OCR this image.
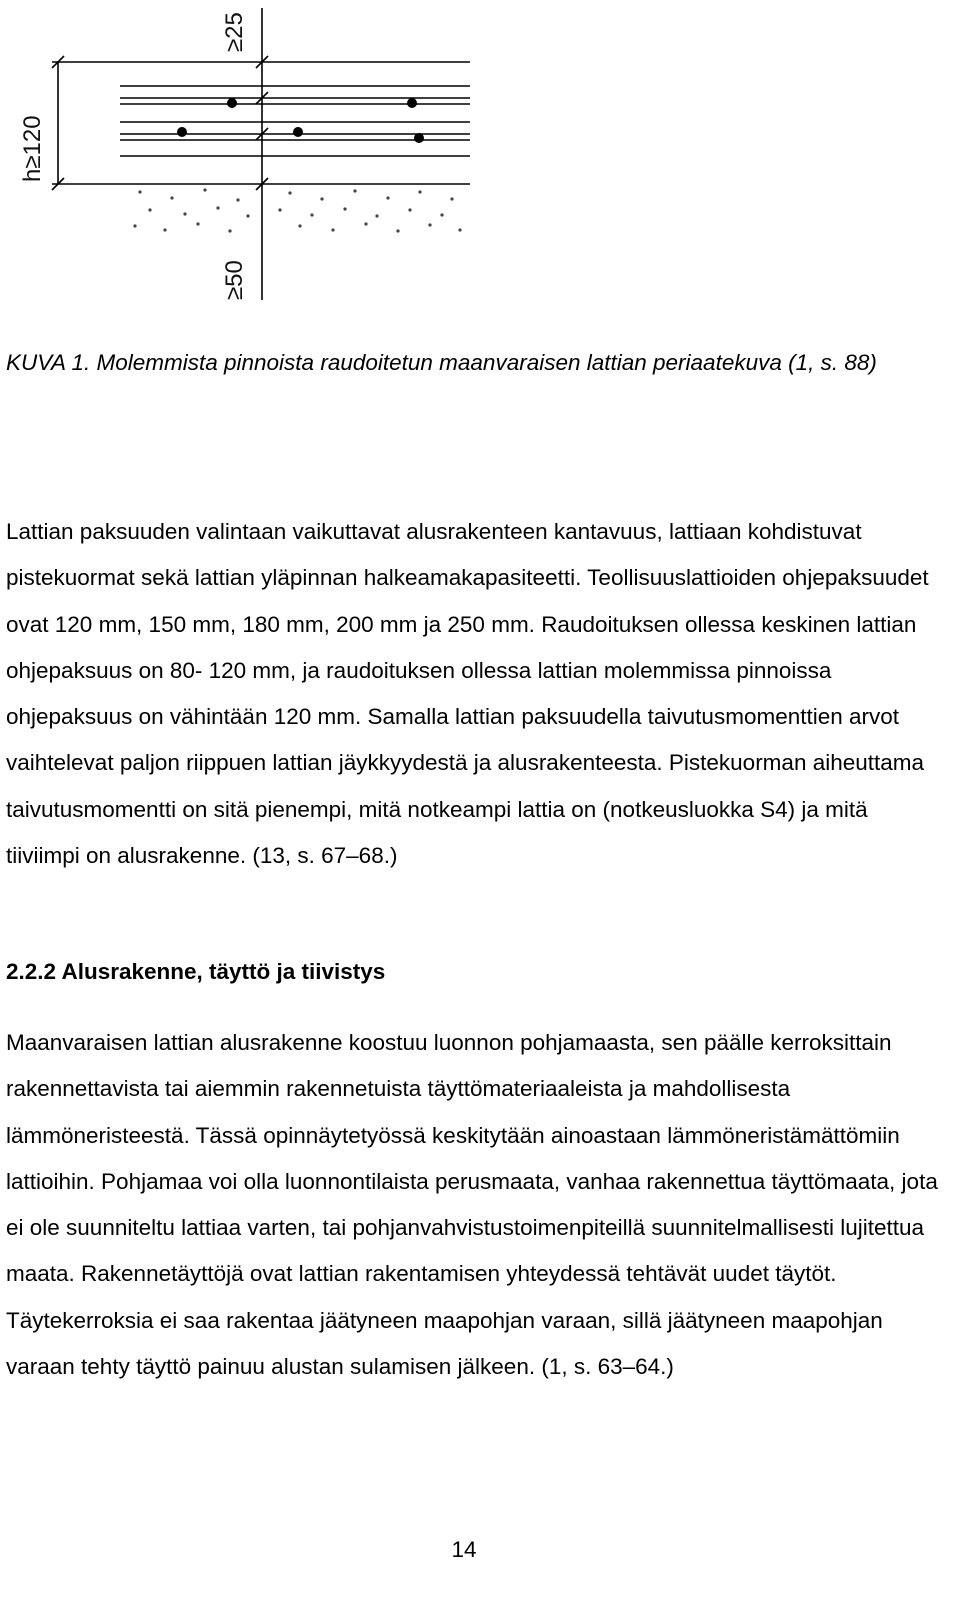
≥25
h≥120
≥50
KUVA 1. Molemmista pinnoista raudoitetun maanvaraisen lattian periaatekuva (1, s. 88)
Lattian paksuuden valintaan vaikuttavat alusrakenteen kantavuus, lattiaan kohdistuvat pistekuormat sekä lattian yläpinnan halkeamakapasiteetti. Teollisuuslattioiden ohjepaksuudet ovat 120 mm, 150 mm, 180 mm, 200 mm ja 250 mm. Raudoituksen ollessa keskinen lattian ohjepaksuus on 80- 120 mm, ja raudoituksen ollessa lattian molemmissa pinnoissa ohjepaksuus on vähintään 120 mm. Samalla lattian paksuudella taivutusmomenttien arvot vaihtelevat paljon riippuen lattian jäykkyydestä ja alusrakenteesta. Pistekuorman aiheuttama taivutusmomentti on sitä pienempi, mitä notkeampi lattia on (notkeusluokka S4) ja mitä tiiviimpi on alusrakenne. (13, s. 67–68.)
2.2.2 Alusrakenne, täyttö ja tiivistys
Maanvaraisen lattian alusrakenne koostuu luonnon pohjamaasta, sen päälle kerroksittain rakennettavista tai aiemmin rakennetuista täyttömateriaaleista ja mahdollisesta lämmöneristeestä. Tässä opinnäytetyössä keskitytään ainoastaan lämmöneristämättömiin lattioihin. Pohjamaa voi olla luonnontilaista perusmaata, vanhaa rakennettua täyttömaata, jota ei ole suunniteltu lattiaa varten, tai pohjanvahvistustoimenpiteillä suunnitelmallisesti lujitettua maata. Rakennetäyttöjä ovat lattian rakentamisen yhteydessä tehtävät uudet täytöt. Täytekerroksia ei saa rakentaa jäätyneen maapohjan varaan, sillä jäätyneen maapohjan varaan tehty täyttö painuu alustan sulamisen jälkeen. (1, s. 63–64.)
14
